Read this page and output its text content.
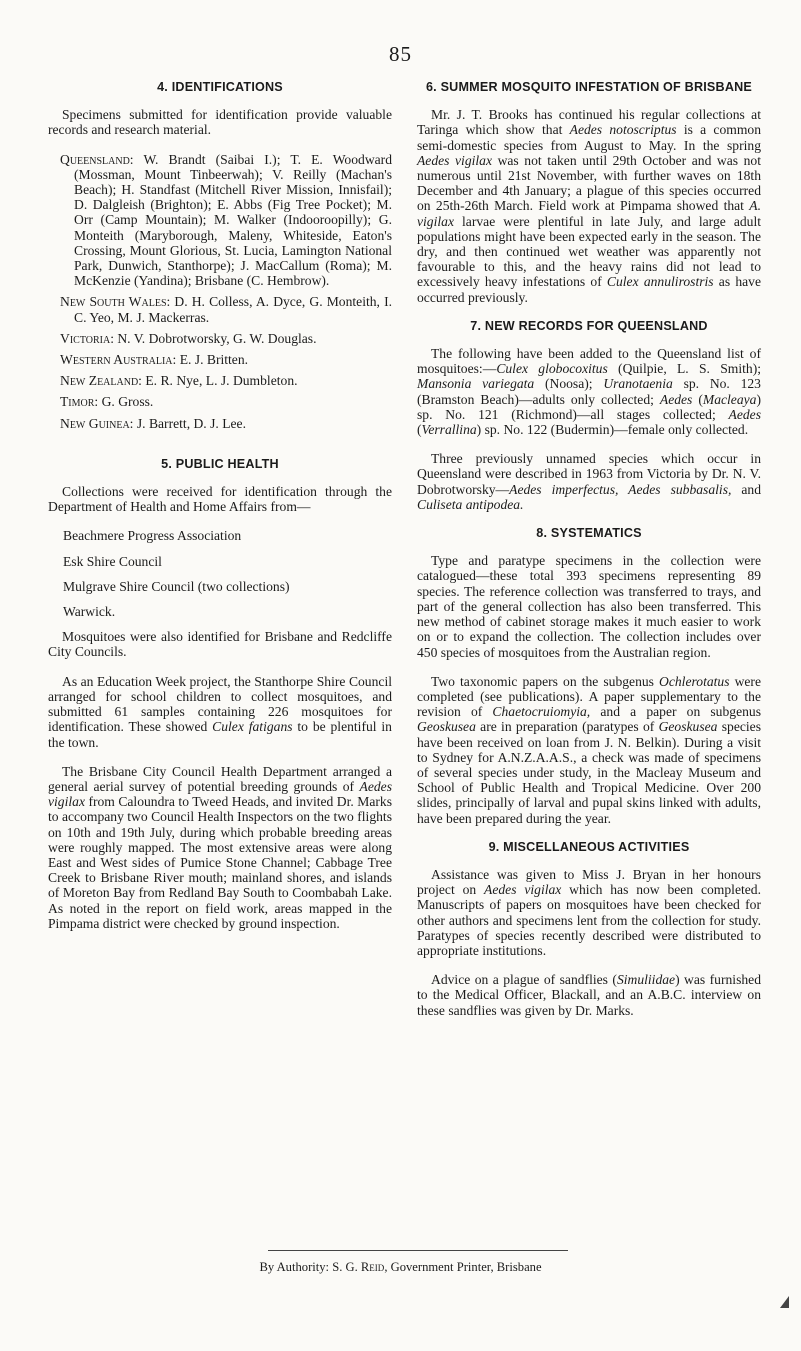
85
4. IDENTIFICATIONS

Specimens submitted for identification provide valuable records and research material.

Queensland: W. Brandt (Saibai I.); T. E. Woodward (Mossman, Mount Tinbeerwah); V. Reilly (Machan's Beach); H. Standfast (Mitchell River Mission, Innisfail); D. Dalgleish (Brighton); E. Abbs (Fig Tree Pocket); M. Orr (Camp Mountain); M. Walker (Indooroopilly); G. Monteith (Maryborough, Maleny, Whiteside, Eaton's Crossing, Mount Glorious, St. Lucia, Lamington National Park, Dunwich, Stanthorpe); J. MacCallum (Roma); M. McKenzie (Yandina); Brisbane (C. Hembrow).
New South Wales: D. H. Colless, A. Dyce, G. Monteith, I. C. Yeo, M. J. Mackerras.
Victoria: N. V. Dobrotworsky, G. W. Douglas.
Western Australia: E. J. Britten.
New Zealand: E. R. Nye, L. J. Dumbleton.
Timor: G. Gross.
New Guinea: J. Barrett, D. J. Lee.
5. PUBLIC HEALTH

Collections were received for identification through the Department of Health and Home Affairs from—

Beachmere Progress Association
Esk Shire Council
Mulgrave Shire Council (two collections)
Warwick.

Mosquitoes were also identified for Brisbane and Redcliffe City Councils.

As an Education Week project, the Stanthorpe Shire Council arranged for school children to collect mosquitoes, and submitted 61 samples containing 226 mosquitoes for identification. These showed Culex fatigans to be plentiful in the town.

The Brisbane City Council Health Department arranged a general aerial survey of potential breeding grounds of Aedes vigilax from Caloundra to Tweed Heads, and invited Dr. Marks to accompany two Council Health Inspectors on the two flights on 10th and 19th July, during which probable breeding areas were roughly mapped. The most extensive areas were along East and West sides of Pumice Stone Channel; Cabbage Tree Creek to Brisbane River mouth; mainland shores, and islands of Moreton Bay from Redland Bay South to Coombabah Lake. As noted in the report on field work, areas mapped in the Pimpama district were checked by ground inspection.

6. SUMMER MOSQUITO INFESTATION OF BRISBANE

Mr. J. T. Brooks has continued his regular collections at Taringa which show that Aedes notoscriptus is a common semi-domestic species from August to May. In the spring Aedes vigilax was not taken until 29th October and was not numerous until 21st November, with further waves on 18th December and 4th January; a plague of this species occurred on 25th-26th March. Field work at Pimpama showed that A. vigilax larvae were plentiful in late July, and large adult populations might have been expected early in the season. The dry, and then continued wet weather was apparently not favourable to this, and the heavy rains did not lead to excessively heavy infestations of Culex annulirostris as have occurred previously.

7. NEW RECORDS FOR QUEENSLAND

The following have been added to the Queensland list of mosquitoes:—Culex globocoxitus (Quilpie, L. S. Smith); Mansonia variegata (Noosa); Uranotaenia sp. No. 123 (Bramston Beach)—adults only collected; Aedes (Macleaya) sp. No. 121 (Richmond)—all stages collected; Aedes (Verrallina) sp. No. 122 (Budermin)—female only collected.

Three previously unnamed species which occur in Queensland were described in 1963 from Victoria by Dr. N. V. Dobrotworsky—Aedes imperfectus, Aedes subbasalis, and Culiseta antipodea.

8. SYSTEMATICS

Type and paratype specimens in the collection were catalogued—these total 393 specimens representing 89 species. The reference collection was transferred to trays, and part of the general collection has also been transferred. This new method of cabinet storage makes it much easier to work on or to expand the collection. The collection includes over 450 species of mosquitoes from the Australian region.

Two taxonomic papers on the subgenus Ochlerotatus were completed (see publications). A paper supplementary to the revision of Chaetocruiomyia, and a paper on subgenus Geoskusea are in preparation (paratypes of Geoskusea species have been received on loan from J. N. Belkin). During a visit to Sydney for A.N.Z.A.A.S., a check was made of specimens of several species under study, in the Macleay Museum and School of Public Health and Tropical Medicine. Over 200 slides, principally of larval and pupal skins linked with adults, have been prepared during the year.

9. MISCELLANEOUS ACTIVITIES

Assistance was given to Miss J. Bryan in her honours project on Aedes vigilax which has now been completed. Manuscripts of papers on mosquitoes have been checked for other authors and specimens lent from the collection for study. Paratypes of species recently described were distributed to appropriate institutions.

Advice on a plague of sandflies (Simuliidae) was furnished to the Medical Officer, Blackall, and an A.B.C. interview on these sandflies was given by Dr. Marks.

By Authority: S. G. Reid, Government Printer, Brisbane
